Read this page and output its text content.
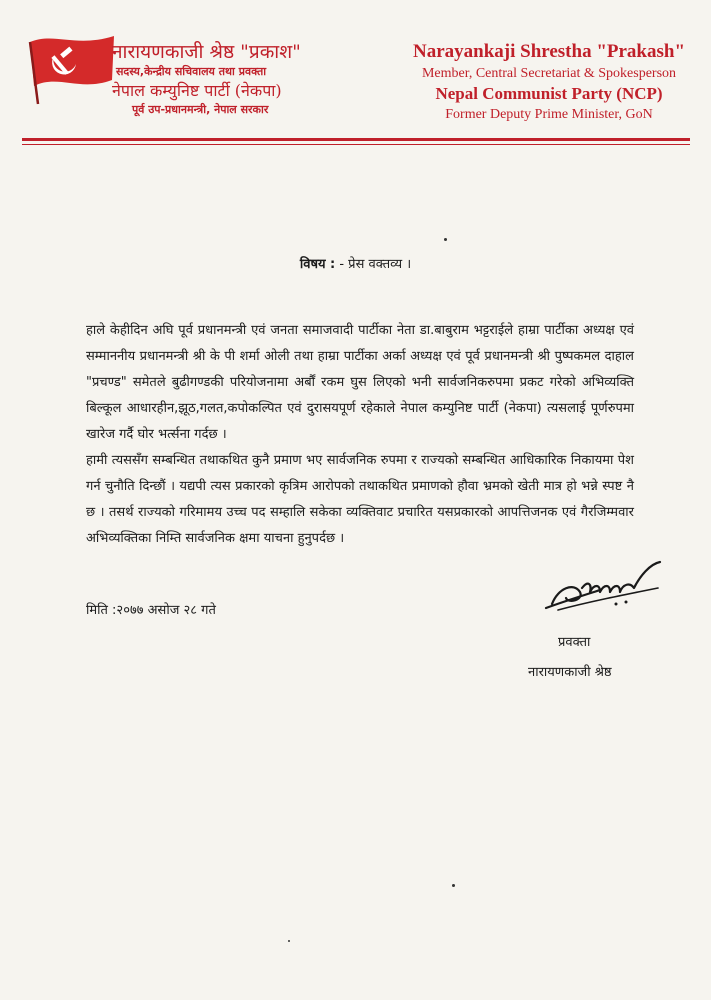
नारायणकाजी श्रेष्ठ "प्रकाश"
सदस्य,केन्द्रीय सचिवालय तथा प्रवक्ता
नेपाल कम्युनिष्ट पार्टी (नेकपा)
पूर्व उप-प्रधानमन्त्री, नेपाल सरकार
Narayankaji Shrestha "Prakash"
Member, Central Secretariat & Spokesperson
Nepal Communist Party (NCP)
Former Deputy Prime Minister, GoN
विषय : - प्रेस वक्तव्य ।
हाले केहीदिन अघि पूर्व प्रधानमन्त्री एवं जनता समाजवादी पार्टीका नेता डा.बाबुराम भट्टराईले हाम्रा पार्टीका अध्यक्ष एवं सम्माननीय प्रधानमन्त्री श्री के पी शर्मा ओली तथा हाम्रा पार्टीका अर्का अध्यक्ष एवं पूर्व प्रधानमन्त्री श्री पुष्पकमल दाहाल "प्रचण्ड" समेतले बुढीगण्डकी परियोजनामा अर्बौं रकम घुस लिएको भनी सार्वजनिकरुपमा प्रकट गरेको अभिव्यक्ति बिल्कूल आधारहीन,झूठ,गलत,कपोकल्पित एवं दुरासयपूर्ण रहेकाले नेपाल कम्युनिष्ट पार्टी (नेकपा) त्यसलाई पूर्णरुपमा खारेज गर्दै घोर भर्त्सना गर्दछ ।
हामी त्यससँग सम्बन्धित तथाकथित कुनै प्रमाण भए सार्वजनिक रुपमा र राज्यको सम्बन्धित आधिकारिक निकायमा पेश गर्न चुनौति दिन्छौं । यद्यपी त्यस प्रकारको कृत्रिम आरोपको तथाकथित प्रमाणको हौवा भ्रमको खेती मात्र हो भन्ने स्पष्ट नै छ । तसर्थ राज्यको गरिमामय उच्च पद सम्हालि सकेका व्यक्तिवाट प्रचारित यसप्रकारको आपत्तिजनक एवं गैरजिम्मवार अभिव्यक्तिका निम्ति सार्वजनिक क्षमा याचना हुनुपर्दछ ।
मिति :२०७७ असोज २८ गते
प्रवक्ता
नारायणकाजी श्रेष्ठ
